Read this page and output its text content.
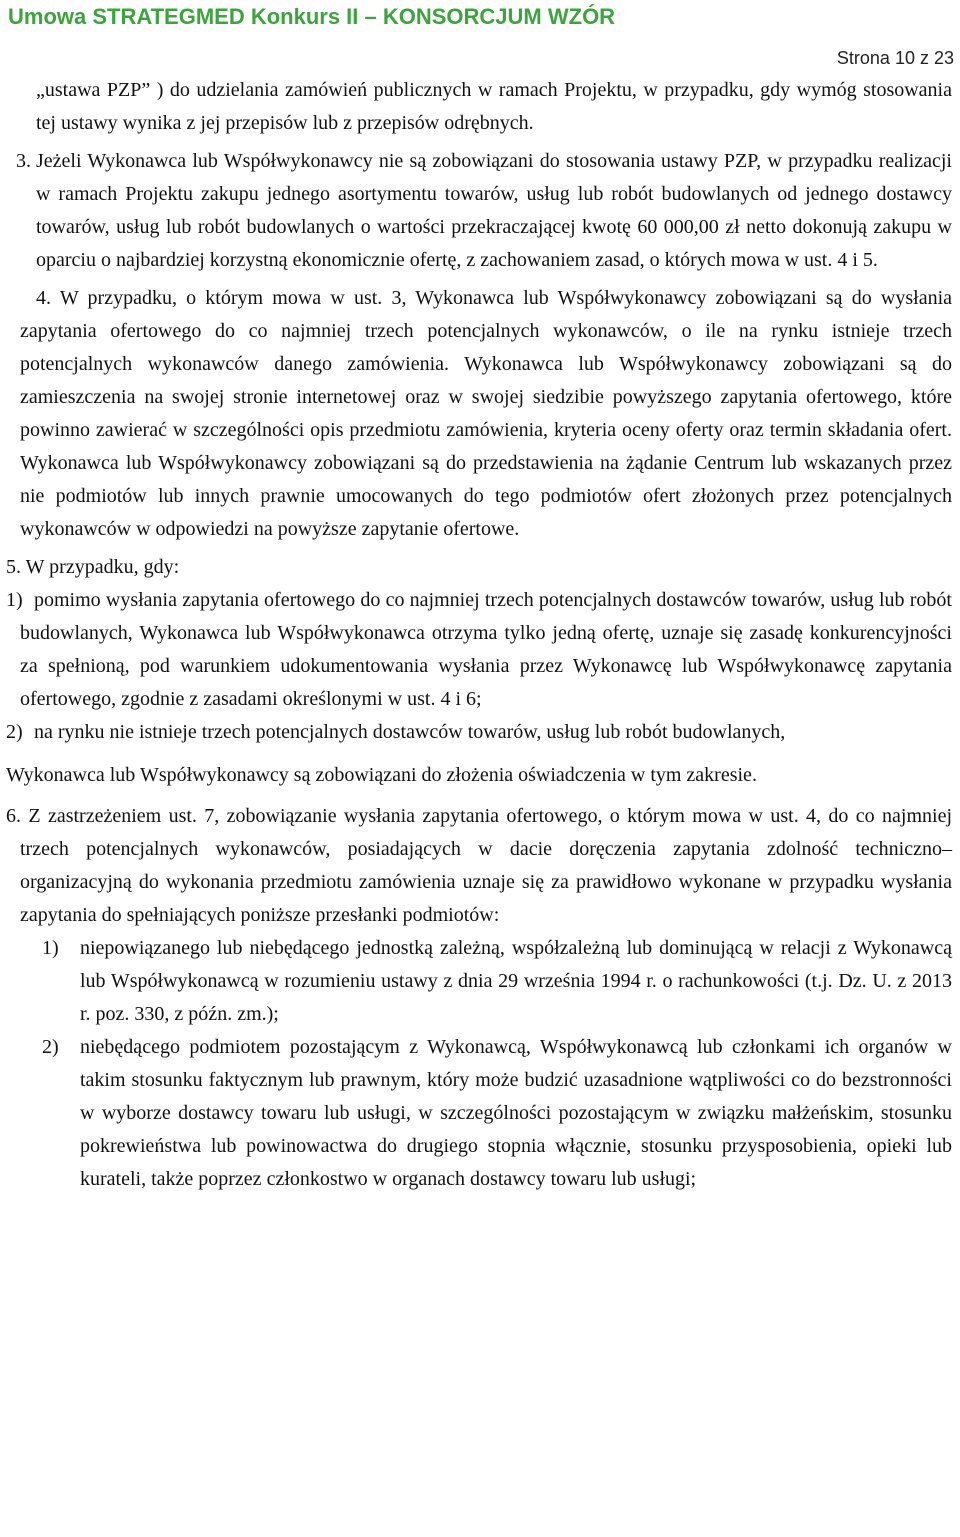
Umowa STRATEGMED Konkurs II – KONSORCJUM WZÓR
Strona 10 z 23

„ustawa PZP” ) do udzielania zamówień publicznych w ramach Projektu, w przypadku, gdy wymóg stosowania tej ustawy wynika z jej przepisów lub z przepisów odrębnych.

3. Jeżeli Wykonawca lub Współwykonawcy nie są zobowiązani do stosowania ustawy PZP, w przypadku realizacji w ramach Projektu zakupu jednego asortymentu towarów, usług lub robót budowlanych od jednego dostawcy towarów, usług lub robót budowlanych o wartości przekraczającej kwotę 60 000,00 zł netto dokonują zakupu w oparciu o najbardziej korzystną ekonomicznie ofertę, z zachowaniem zasad, o których mowa w ust. 4 i 5.

4. W przypadku, o którym mowa w ust. 3, Wykonawca lub Współwykonawcy zobowiązani są do wysłania zapytania ofertowego do co najmniej trzech potencjalnych wykonawców, o ile na rynku istnieje trzech potencjalnych wykonawców danego zamówienia. Wykonawca lub Współwykonawcy zobowiązani są do zamieszczenia na swojej stronie internetowej oraz w swojej siedzibie powyższego zapytania ofertowego, które powinno zawierać w szczególności opis przedmiotu zamówienia, kryteria oceny oferty oraz termin składania ofert. Wykonawca lub Współwykonawcy zobowiązani są do przedstawienia na żądanie Centrum lub wskazanych przez nie podmiotów lub innych prawnie umocowanych do tego podmiotów ofert złożonych przez potencjalnych wykonawców w odpowiedzi na powyższe zapytanie ofertowe.

5. W przypadku, gdy:

1) pomimo wysłania zapytania ofertowego do co najmniej trzech potencjalnych dostawców towarów, usług lub robót budowlanych, Wykonawca lub Współwykonawca otrzyma tylko jedną ofertę, uznaje się zasadę konkurencyjności za spełnioną, pod warunkiem udokumentowania wysłania przez Wykonawcę lub Współwykonawcę zapytania ofertowego, zgodnie z zasadami określonymi w ust. 4 i 6;

2) na rynku nie istnieje trzech potencjalnych dostawców towarów, usług lub robót budowlanych,

Wykonawca lub Współwykonawcy są zobowiązani do złożenia oświadczenia w tym zakresie.

6. Z zastrzeżeniem ust. 7, zobowiązanie wysłania zapytania ofertowego, o którym mowa w ust. 4, do co najmniej trzech potencjalnych wykonawców, posiadających w dacie doręczenia zapytania zdolność techniczno–organizacyjną do wykonania przedmiotu zamówienia uznaje się za prawidłowo wykonane w przypadku wysłania zapytania do spełniających poniższe przesłanki podmiotów:

1) niepowiązanego lub niebędącego jednostką zależną, współzależną lub dominującą w relacji z Wykonawcą lub Współwykonawcą w rozumieniu ustawy z dnia 29 września 1994 r. o rachunkowości (t.j. Dz. U. z 2013 r. poz. 330, z późn. zm.);

2) niebędącego podmiotem pozostającym z Wykonawcą, Współwykonawcą lub członkami ich organów w takim stosunku faktycznym lub prawnym, który może budzić uzasadnione wątpliwości co do bezstronności w wyborze dostawcy towaru lub usługi, w szczególności pozostającym w związku małżeńskim, stosunku pokrewieństwa lub powinowactwa do drugiego stopnia włącznie, stosunku przysposobienia, opieki lub kurateli, także poprzez członkostwo w organach dostawcy towaru lub usługi;
